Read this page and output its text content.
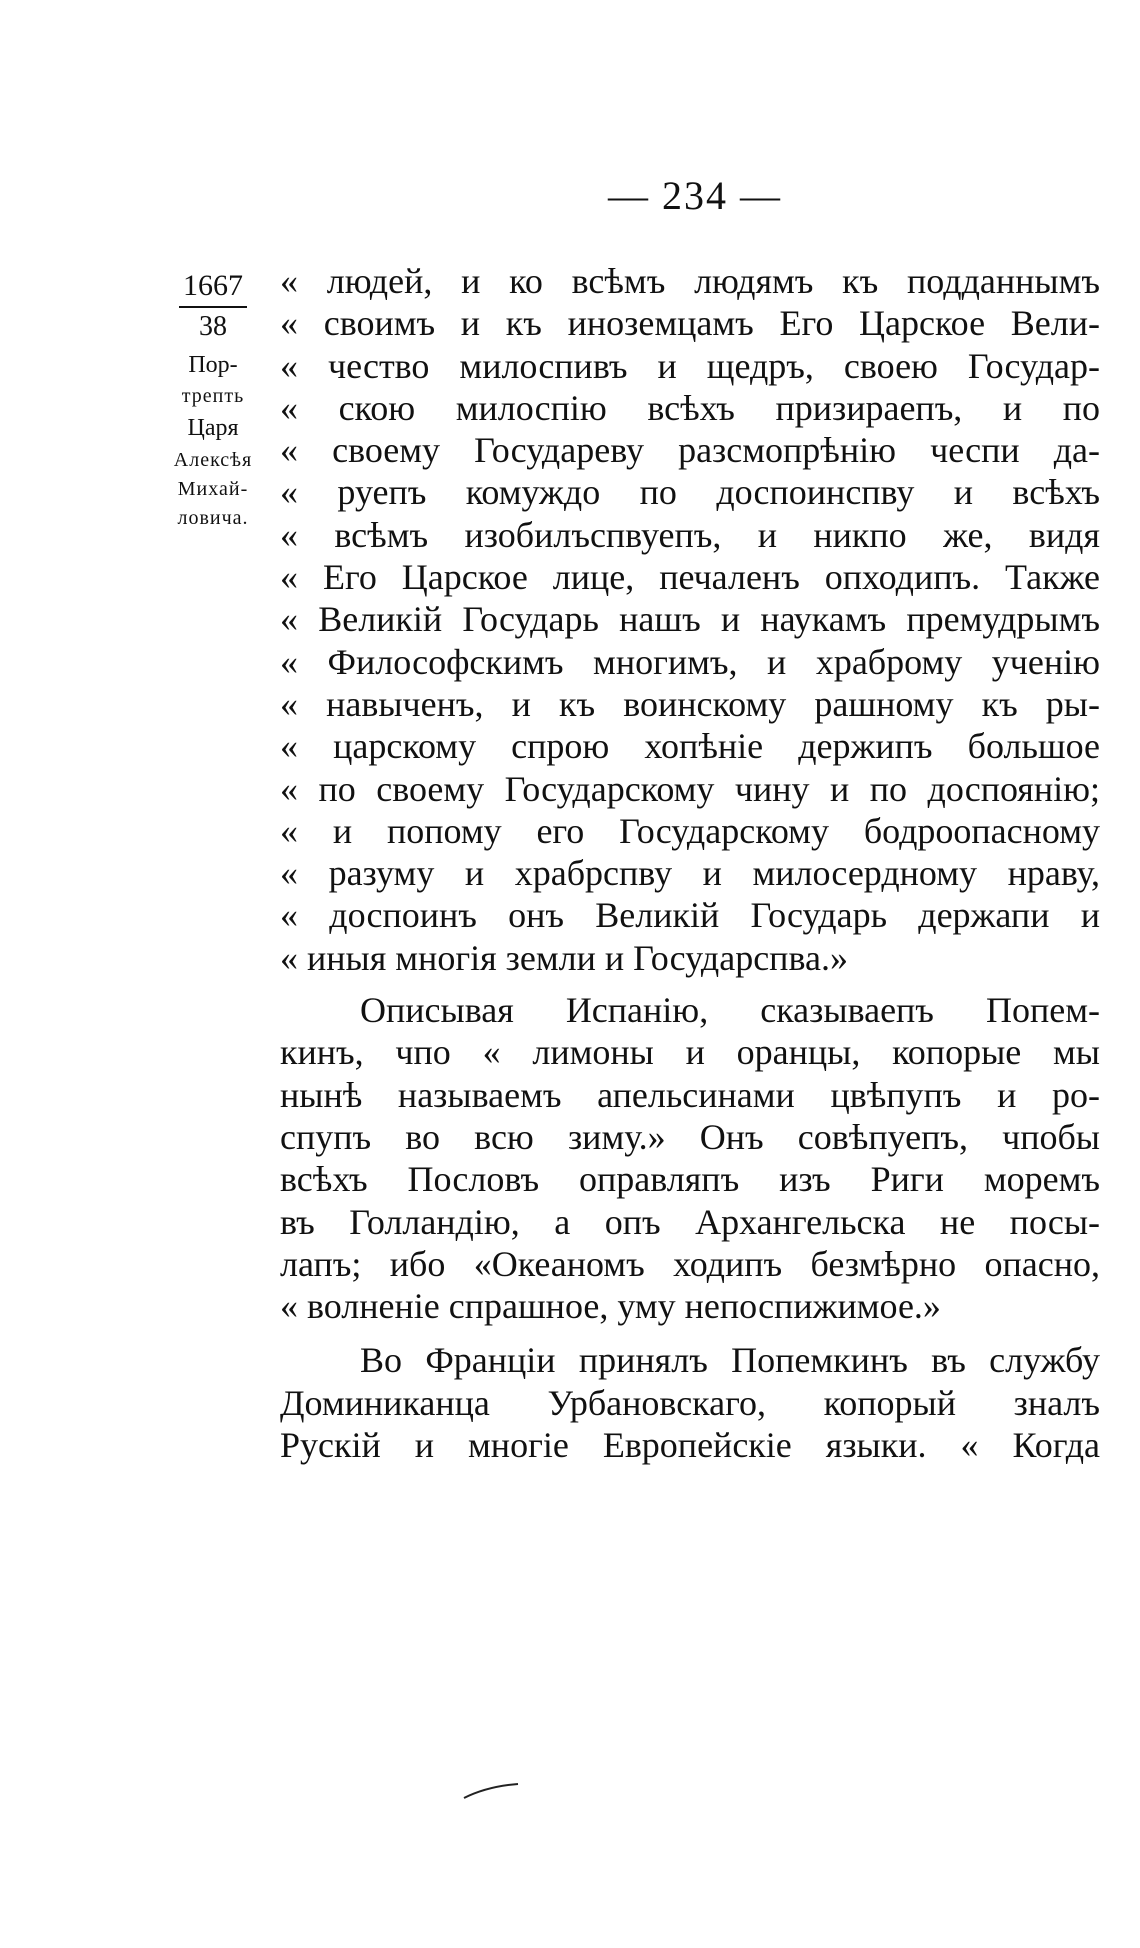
— 234 —
1667
38
Пор-
трепть
Царя
Алексѣя
Михай-
ловича.
« людей, и ко всѣмъ людямъ къ подданнымъ
« своимъ и къ иноземцамъ Его Царское Вели-
« чество милоспивъ и щедръ, своею Государ-
« скою милоспію всѣхъ призираепъ, и по
« своему Государеву разсмопрѣнію чеспи да-
« руепъ комуждо по доспоинспву и всѣхъ
« всѣмъ изобилъспвуепъ, и никпо же, видя
« Его Царское лице, печаленъ опходипъ. Также
« Великій Государь нашъ и наукамъ премудрымъ
« Философскимъ многимъ, и храброму ученію
« навыченъ, и къ воинскому рашному къ ры-
« царскому спрою хопѣніе держипъ большое
« по своему Государскому чину и по доспоянію;
« и попому его Государскому бодроопасному
« разуму и храбрспву и милосердному нраву,
« доспоинъ онъ Великій Государь держапи и
« иныя многія земли и Государспва.»
Описывая Испанію, сказываепъ Попем-
кинъ, чпо « лимоны и оранцы, копорые мы
нынѣ называемъ апельсинами цвѣпупъ и ро-
спупъ во всю зиму.» Онъ совѣпуепъ, чпобы
всѣхъ Пословъ оправляпъ изъ Риги моремъ
въ Голландію, а опъ Архангельска не посы-
лапъ; ибо «Океаномъ ходипъ безмѣрно опасно,
« волненіе спрашное, уму непоспижимое.»
Во Франціи принялъ Попемкинъ въ службу
Доминиканца Урбановскаго, копорый зналъ
Рускій и многіе Европейскіе языки. « Когда
